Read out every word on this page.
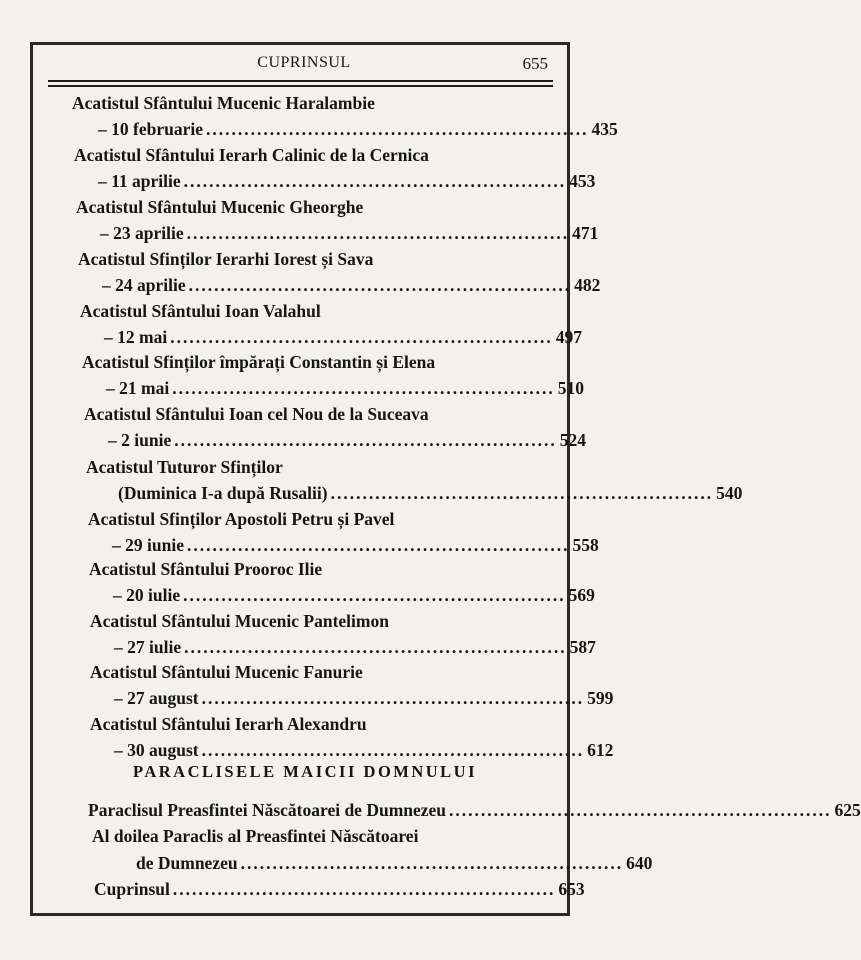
CUPRINSUL	655
Acatistul Sfântului Mucenic Haralambie
– 10 februarie ............................................................ 435
Acatistul Sfântului Ierarh Calinic de la Cernica
– 11 aprilie ............................................................ 453
Acatistul Sfântului Mucenic Gheorghe
– 23 aprilie ............................................................ 471
Acatistul Sfinților Ierarhi Iorest și Sava
– 24 aprilie ............................................................ 482
Acatistul Sfântului Ioan Valahul
– 12 mai ............................................................ 497
Acatistul Sfinților împărați Constantin și Elena
– 21 mai ............................................................ 510
Acatistul Sfântului Ioan cel Nou de la Suceava
– 2 iunie ............................................................ 524
Acatistul Tuturor Sfinților
(Duminica I-a după Rusalii) ............................................................ 540
Acatistul Sfinților Apostoli Petru și Pavel
– 29 iunie ............................................................ 558
Acatistul Sfântului Prooroc Ilie
– 20 iulie ............................................................ 569
Acatistul Sfântului Mucenic Pantelimon
– 27 iulie ............................................................ 587
Acatistul Sfântului Mucenic Fanurie
– 27 august ............................................................ 599
Acatistul Sfântului Ierarh Alexandru
– 30 august ............................................................ 612
PARACLISELE MAICII DOMNULUI
Paraclisul Preasfintei Născătoarei de Dumnezeu ............................................................ 625
Al doilea Paraclis al Preasfintei Născătoarei
de Dumnezeu ............................................................ 640
Cuprinsul ............................................................ 653
